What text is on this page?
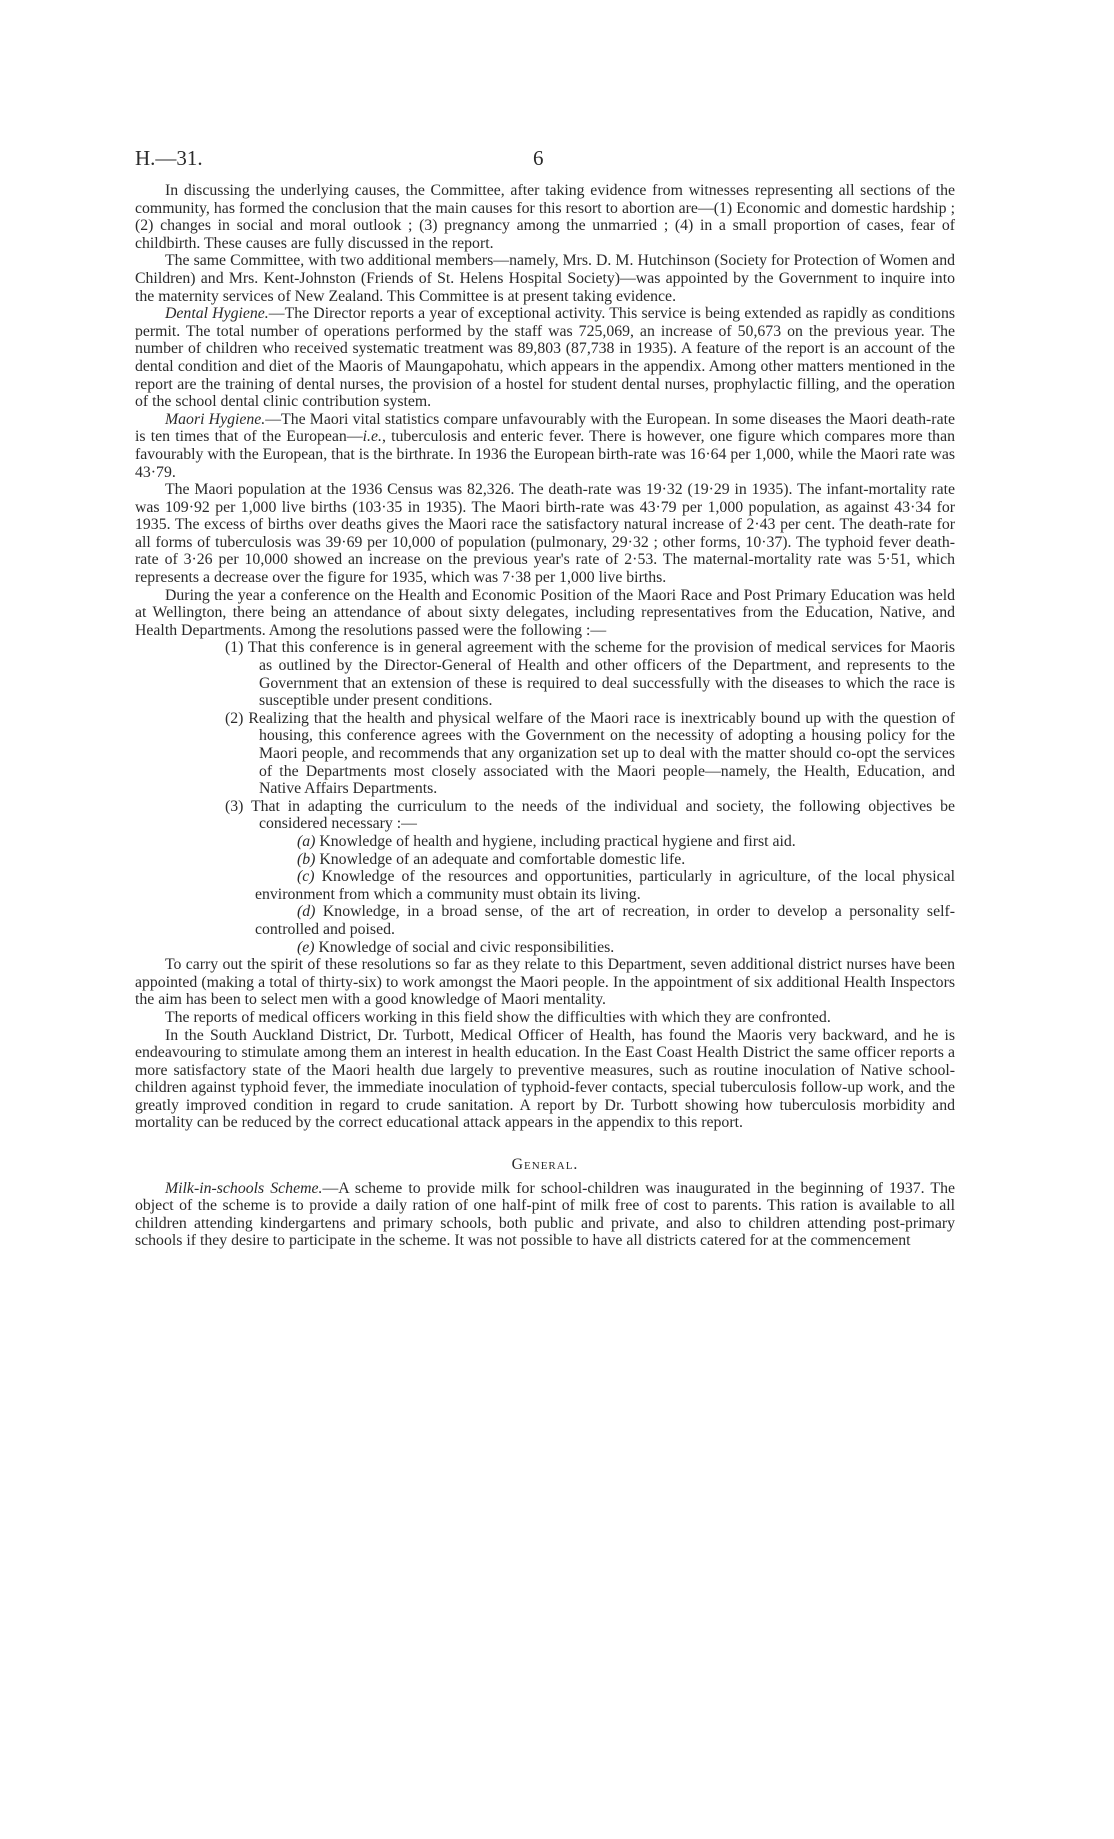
H.—31.	6

In discussing the underlying causes, the Committee, after taking evidence from witnesses representing all sections of the community, has formed the conclusion that the main causes for this resort to abortion are—(1) Economic and domestic hardship ; (2) changes in social and moral outlook ; (3) pregnancy among the unmarried ; (4) in a small proportion of cases, fear of childbirth. These causes are fully discussed in the report.

The same Committee, with two additional members—namely, Mrs. D. M. Hutchinson (Society for Protection of Women and Children) and Mrs. Kent-Johnston (Friends of St. Helens Hospital Society)—was appointed by the Government to inquire into the maternity services of New Zealand. This Committee is at present taking evidence.

Dental Hygiene.—The Director reports a year of exceptional activity. This service is being extended as rapidly as conditions permit. The total number of operations performed by the staff was 725,069, an increase of 50,673 on the previous year. The number of children who received systematic treatment was 89,803 (87,738 in 1935). A feature of the report is an account of the dental condition and diet of the Maoris of Maungapohatu, which appears in the appendix. Among other matters mentioned in the report are the training of dental nurses, the provision of a hostel for student dental nurses, prophylactic filling, and the operation of the school dental clinic contribution system.

Maori Hygiene.—The Maori vital statistics compare unfavourably with the European. In some diseases the Maori death-rate is ten times that of the European—i.e., tuberculosis and enteric fever. There is however, one figure which compares more than favourably with the European, that is the birthrate. In 1936 the European birth-rate was 16·64 per 1,000, while the Maori rate was 43·79.

The Maori population at the 1936 Census was 82,326. The death-rate was 19·32 (19·29 in 1935). The infant-mortality rate was 109·92 per 1,000 live births (103·35 in 1935). The Maori birth-rate was 43·79 per 1,000 population, as against 43·34 for 1935. The excess of births over deaths gives the Maori race the satisfactory natural increase of 2·43 per cent. The death-rate for all forms of tuberculosis was 39·69 per 10,000 of population (pulmonary, 29·32 ; other forms, 10·37). The typhoid fever death-rate of 3·26 per 10,000 showed an increase on the previous year's rate of 2·53. The maternal-mortality rate was 5·51, which represents a decrease over the figure for 1935, which was 7·38 per 1,000 live births.

During the year a conference on the Health and Economic Position of the Maori Race and Post Primary Education was held at Wellington, there being an attendance of about sixty delegates, including representatives from the Education, Native, and Health Departments. Among the resolutions passed were the following :—

(1) That this conference is in general agreement with the scheme for the provision of medical services for Maoris as outlined by the Director-General of Health and other officers of the Department, and represents to the Government that an extension of these is required to deal successfully with the diseases to which the race is susceptible under present conditions.

(2) Realizing that the health and physical welfare of the Maori race is inextricably bound up with the question of housing, this conference agrees with the Government on the necessity of adopting a housing policy for the Maori people, and recommends that any organization set up to deal with the matter should co-opt the services of the Departments most closely associated with the Maori people—namely, the Health, Education, and Native Affairs Departments.

(3) That in adapting the curriculum to the needs of the individual and society, the following objectives be considered necessary :—

(a) Knowledge of health and hygiene, including practical hygiene and first aid.

(b) Knowledge of an adequate and comfortable domestic life.

(c) Knowledge of the resources and opportunities, particularly in agriculture, of the local physical environment from which a community must obtain its living.

(d) Knowledge, in a broad sense, of the art of recreation, in order to develop a personality self-controlled and poised.

(e) Knowledge of social and civic responsibilities.

To carry out the spirit of these resolutions so far as they relate to this Department, seven additional district nurses have been appointed (making a total of thirty-six) to work amongst the Maori people. In the appointment of six additional Health Inspectors the aim has been to select men with a good knowledge of Maori mentality.

The reports of medical officers working in this field show the difficulties with which they are confronted.

In the South Auckland District, Dr. Turbott, Medical Officer of Health, has found the Maoris very backward, and he is endeavouring to stimulate among them an interest in health education. In the East Coast Health District the same officer reports a more satisfactory state of the Maori health due largely to preventive measures, such as routine inoculation of Native school-children against typhoid fever, the immediate inoculation of typhoid-fever contacts, special tuberculosis follow-up work, and the greatly improved condition in regard to crude sanitation. A report by Dr. Turbott showing how tuberculosis morbidity and mortality can be reduced by the correct educational attack appears in the appendix to this report.

General.

Milk-in-schools Scheme.—A scheme to provide milk for school-children was inaugurated in the beginning of 1937. The object of the scheme is to provide a daily ration of one half-pint of milk free of cost to parents. This ration is available to all children attending kindergartens and primary schools, both public and private, and also to children attending post-primary schools if they desire to participate in the scheme. It was not possible to have all districts catered for at the commencement
